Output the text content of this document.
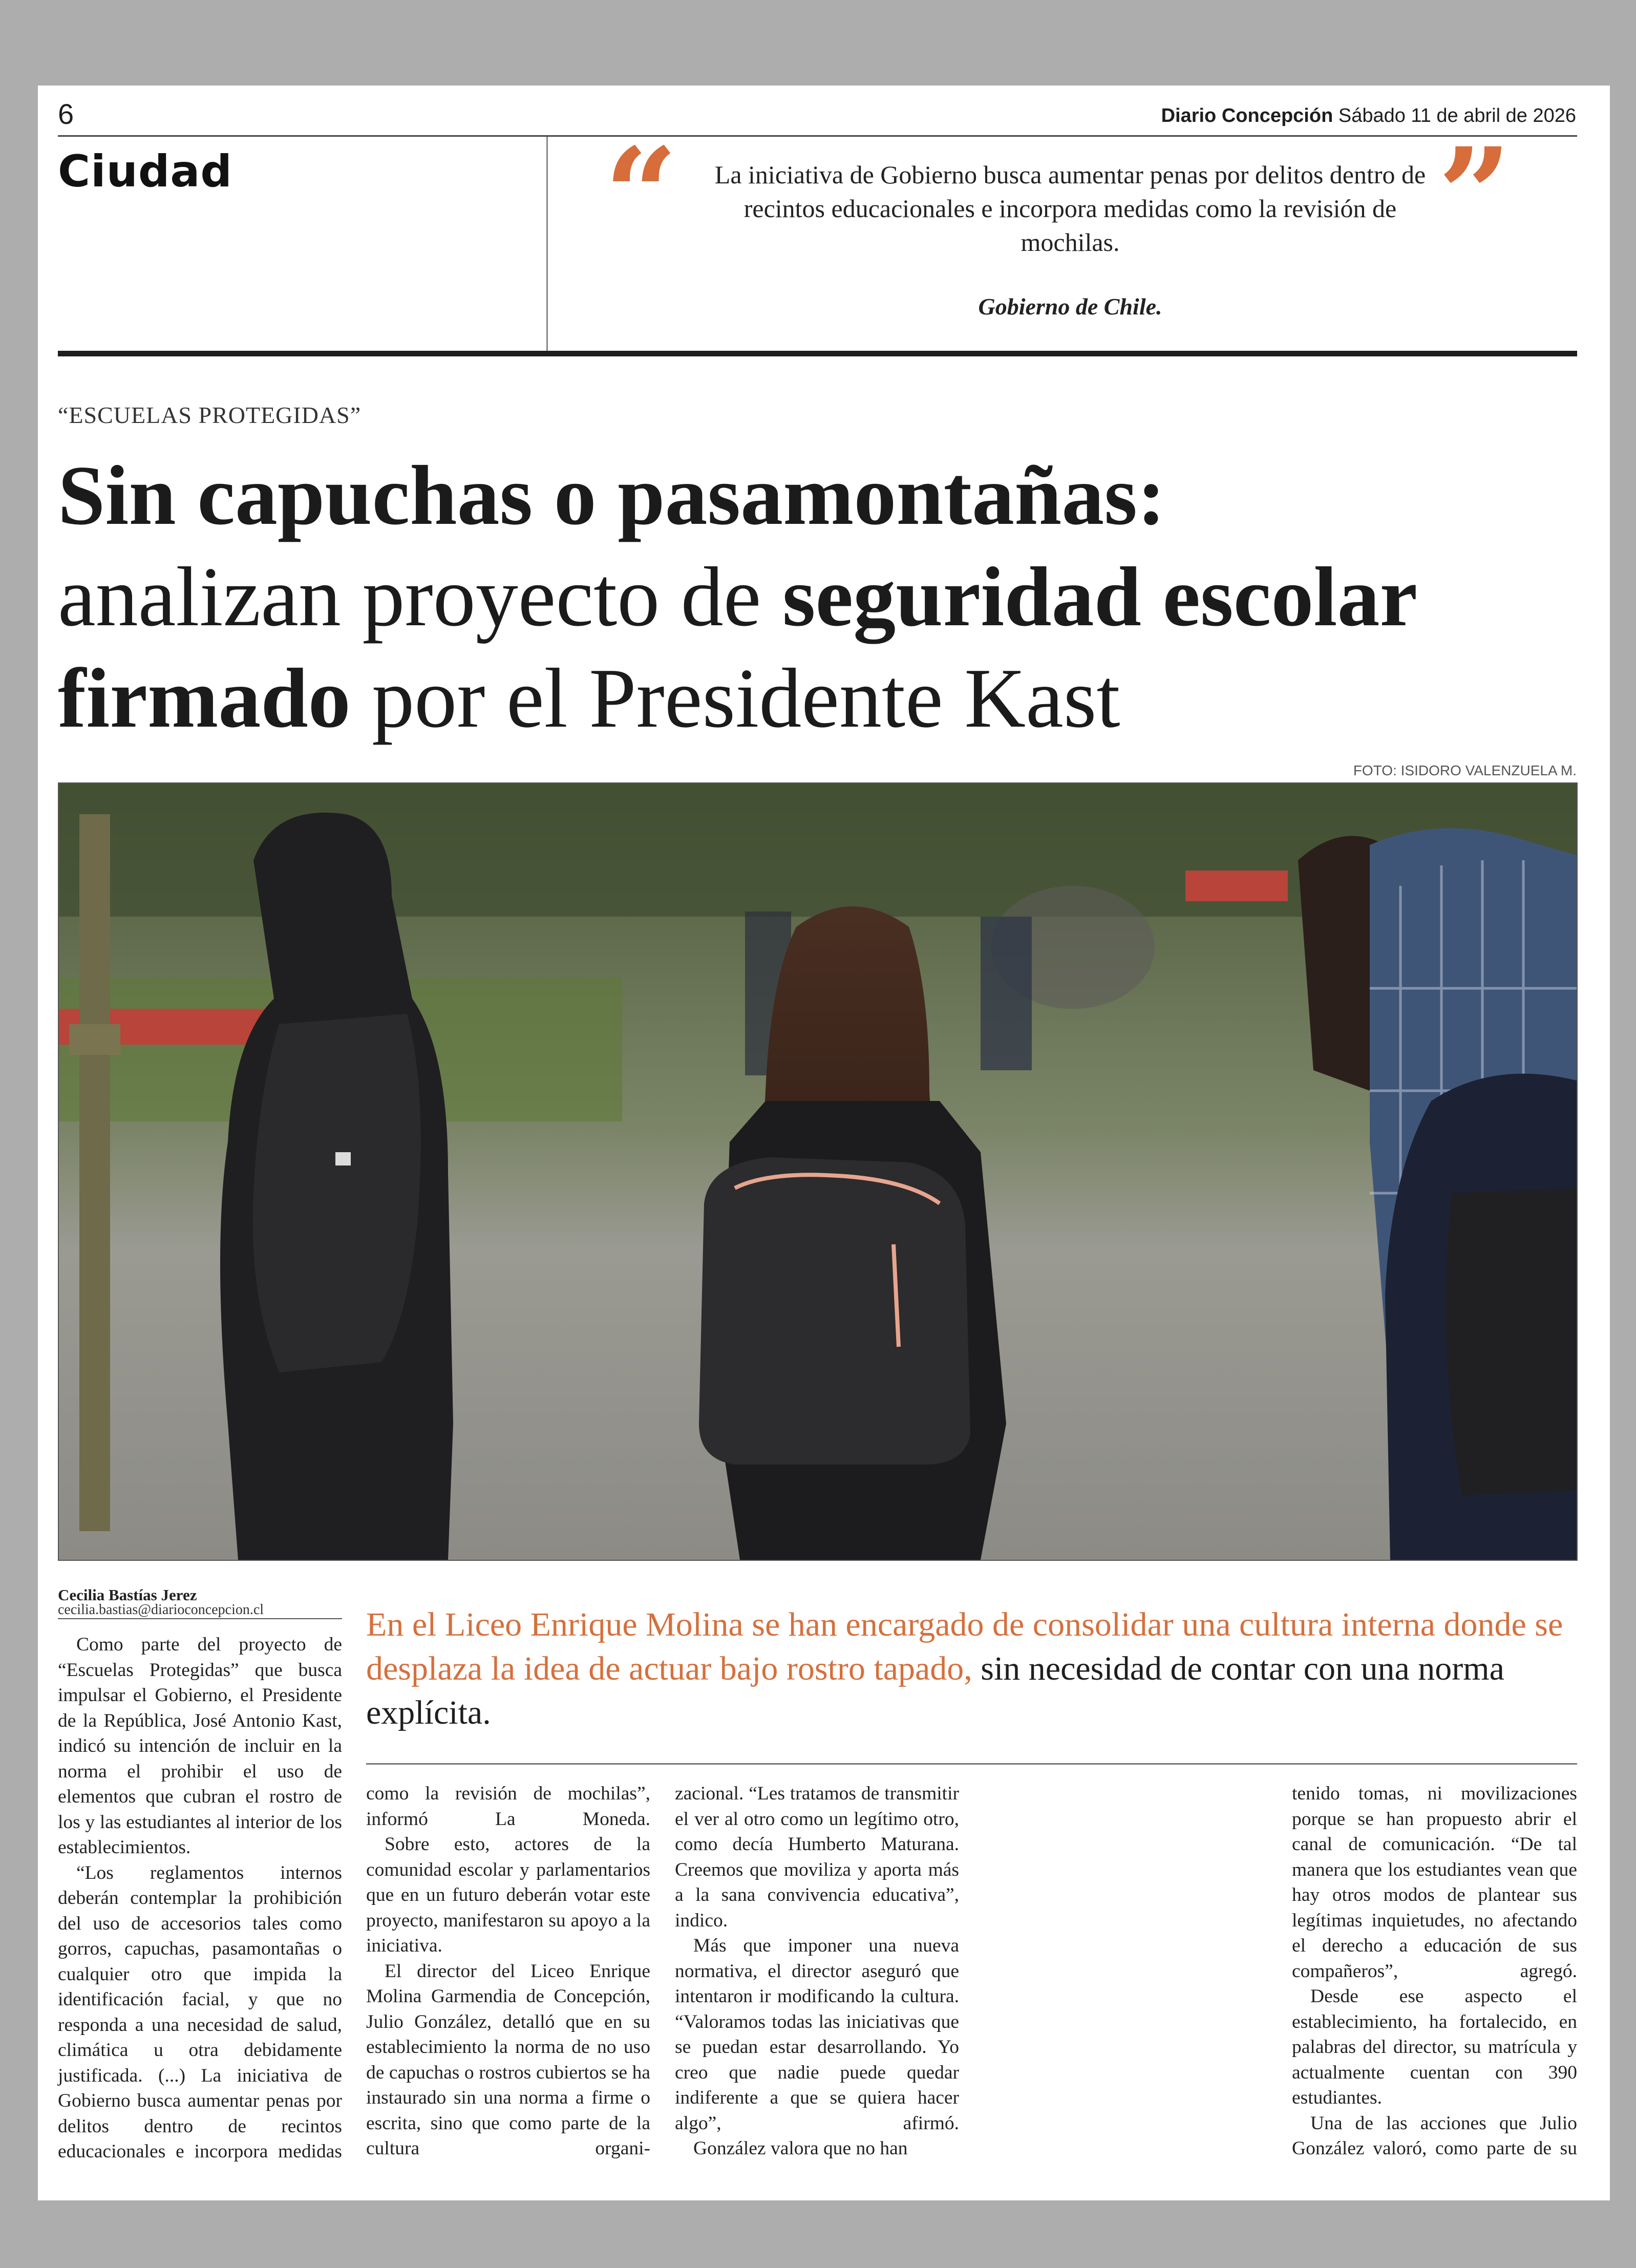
6	Diario Concepción Sábado 11 de abril de 2026
Ciudad	“	”
La iniciativa de Gobierno busca aumentar penas por delitos dentro de recintos educacionales e incorpora medidas como la revisión de mochilas.
Gobierno de Chile.
“ESCUELAS PROTEGIDAS”
Sin capuchas o pasamontañas:
analizan proyecto de seguridad escolar firmado por el Presidente Kast
FOTO: ISIDORO VALENZUELA M.
Cecilia Bastías Jerez
cecilia.bastias@diarioconcepcion.cl	En el Liceo Enrique Molina se han encargado de consolidar una cultura interna donde se desplaza la idea de actuar bajo rostro tapado, sin necesidad de contar con una norma explícita.

Como parte del proyecto de “Escuelas Protegidas” que busca impulsar el Gobierno, el Presidente de la República, José Antonio Kast, indicó su intención de incluir en la norma el prohibir el uso de elementos que cubran el rostro de los y las estudiantes al interior de los establecimientos.

“Los reglamentos internos deberán contemplar la prohibición del uso de accesorios tales como gorros, capuchas, pasamontañas o cualquier otro que impida la identificación facial, y que no responda a una necesidad de salud, climática u otra debidamente justificada. (...) La iniciativa de Gobierno busca aumentar penas por delitos dentro de recintos educacionales e incorpora medidas

como la revisión de mochilas”, informó La Moneda.

Sobre esto, actores de la comunidad escolar y parlamentarios que en un futuro deberán votar este proyecto, manifestaron su apoyo a la iniciativa.

El director del Liceo Enrique Molina Garmendia de Concepción, Julio González, detalló que en su establecimiento la norma de no uso de capuchas o rostros cubiertos se ha instaurado sin una norma a firme o escrita, sino que como parte de la cultura organi-

zacional. “Les tratamos de transmitir el ver al otro como un legítimo otro, como decía Humberto Maturana. Creemos que moviliza y aporta más a la sana convivencia educativa”, indico.

Más que imponer una nueva normativa, el director aseguró que intentaron ir modificando la cultura. “Valoramos todas las iniciativas que se puedan estar desarrollando. Yo creo que nadie puede quedar indiferente a que se quiera hacer algo”, afirmó.

González valora que no han

tenido tomas, ni movilizaciones porque se han propuesto abrir el canal de comunicación. “De tal manera que los estudiantes vean que hay otros modos de plantear sus legítimas inquietudes, no afectando el derecho a educación de sus compañeros”, agregó.

Desde ese aspecto el establecimiento, ha fortalecido, en palabras del director, su matrícula y actualmente cuentan con 390 estudiantes.

Una de las acciones que Julio González valoró, como parte de su
